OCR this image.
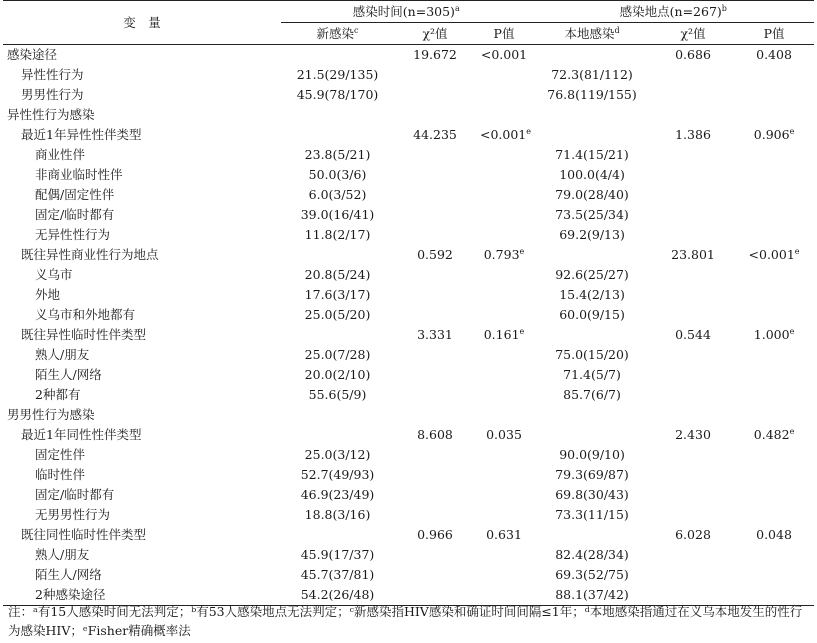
变　量	感染时间(n=305)$^a$			感染地点(n=267)$^b$
	新感染$^c$	χ²值	P值	本地感染$^d$	χ²值	P值
感染途径		19.672	<0.001		0.686	0.408
异性性行为	21.5(29/135)			72.3(81/112)		
男男性行为	45.9(78/170)			76.8(119/155)		
异性性行为感染						
最近1年异性性伴类型		44.235	<0.001$^e$		1.386	0.906e
商业性伴	23.8(5/21)			71.4(15/21)		
非商业临时性伴	50.0(3/6)			100.0(4/4)		
配偶/固定性伴	6.0(3/52)			79.0(28/40)		
固定/临时都有	39.0(16/41)			73.5(25/34)		
无异性性行为	11.8(2/17)			69.2(9/13)		
既往异性商业性行为地点		0.592	0.793e		23.801	<0.001$^e$
义乌市	20.8(5/24)			92.6(25/27)		
外地	17.6(3/17)			15.4(2/13)		
义乌市和外地都有	25.0(5/20)			60.0(9/15)		
既往异性临时性伴类型		3.331	0.161e		0.544	1.000e
熟人/朋友	25.0(7/28)			75.0(15/20)		
陌生人/网络	20.0(2/10)			71.4(5/7)		
2种都有	55.6(5/9)			85.7(6/7)		
男男性行为感染						
最近1年同性性伴类型		8.608	0.035		2.430	0.482e
固定性伴	25.0(3/12)			90.0(9/10)		
临时性伴	52.7(49/93)			79.3(69/87)		
固定/临时都有	46.9(23/49)			69.8(30/43)		
无男男性行为	18.8(3/16)			73.3(11/15)		
既往同性临时性伴类型		0.966	0.631		6.028	0.048
熟人/朋友	45.9(17/37)			82.4(28/34)		
陌生人/网络	45.7(37/81)			69.3(52/75)		
2种感染途径	54.2(26/48)			88.1(37/42)		
注：ᵃ有15人感染时间无法判定；ᵇ有53人感染地点无法判定；ᶜ新感染指HIV感染和确证时间间隔≤1年；ᵈ本地感染指通过在义乌本地发生的性行为感染HIV；ᵉFisher精确概率法
